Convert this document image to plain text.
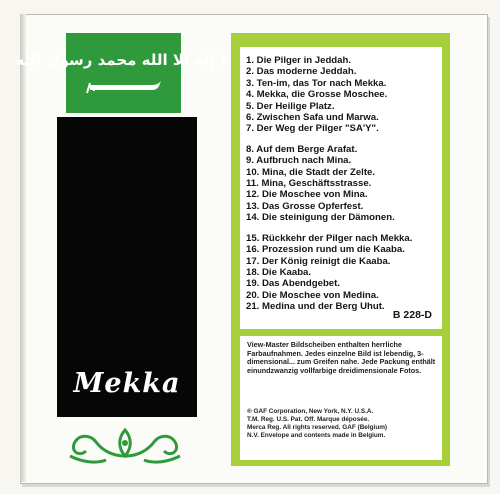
لا إله إلا الله محمد رسول الله
Mekka
1. Die Pilger in Jeddah.
2. Das moderne Jeddah.
3. Ten-im, das Tor nach Mekka.
4. Mekka, die Grosse Moschee.
5. Der Heilige Platz.
6. Zwischen Safa und Marwa.
7. Der Weg der Pilger "SA'Y".
8. Auf dem Berge Arafat.
9. Aufbruch nach Mina.
10. Mina, die Stadt der Zelte.
11. Mina, Geschäftsstrasse.
12. Die Moschee von Mina.
13. Das Grosse Opferfest.
14. Die steinigung der Dämonen.
15. Rückkehr der Pilger nach Mekka.
16. Prozession rund um die Kaaba.
17. Der König reinigt die Kaaba.
18. Die Kaaba.
19. Das Abendgebet.
20. Die Moschee von Medina.
21. Medina und der Berg Uhut.
B 228-D
View-Master Bildscheiben enthalten herrliche Farbaufnahmen. Jedes einzelne Bild ist lebendig, 3-dimensional... zum Greifen nahe. Jede Packung enthält einundzwanzig vollfarbige dreidimensionale Fotos.
® GAF Corporation, New York, N.Y. U.S.A.
T.M. Reg. U.S. Pat. Off. Marque déposée.
Merca Reg. All rights reserved. GAF (Belgium)
N.V. Envelope and contents made in Belgium.
